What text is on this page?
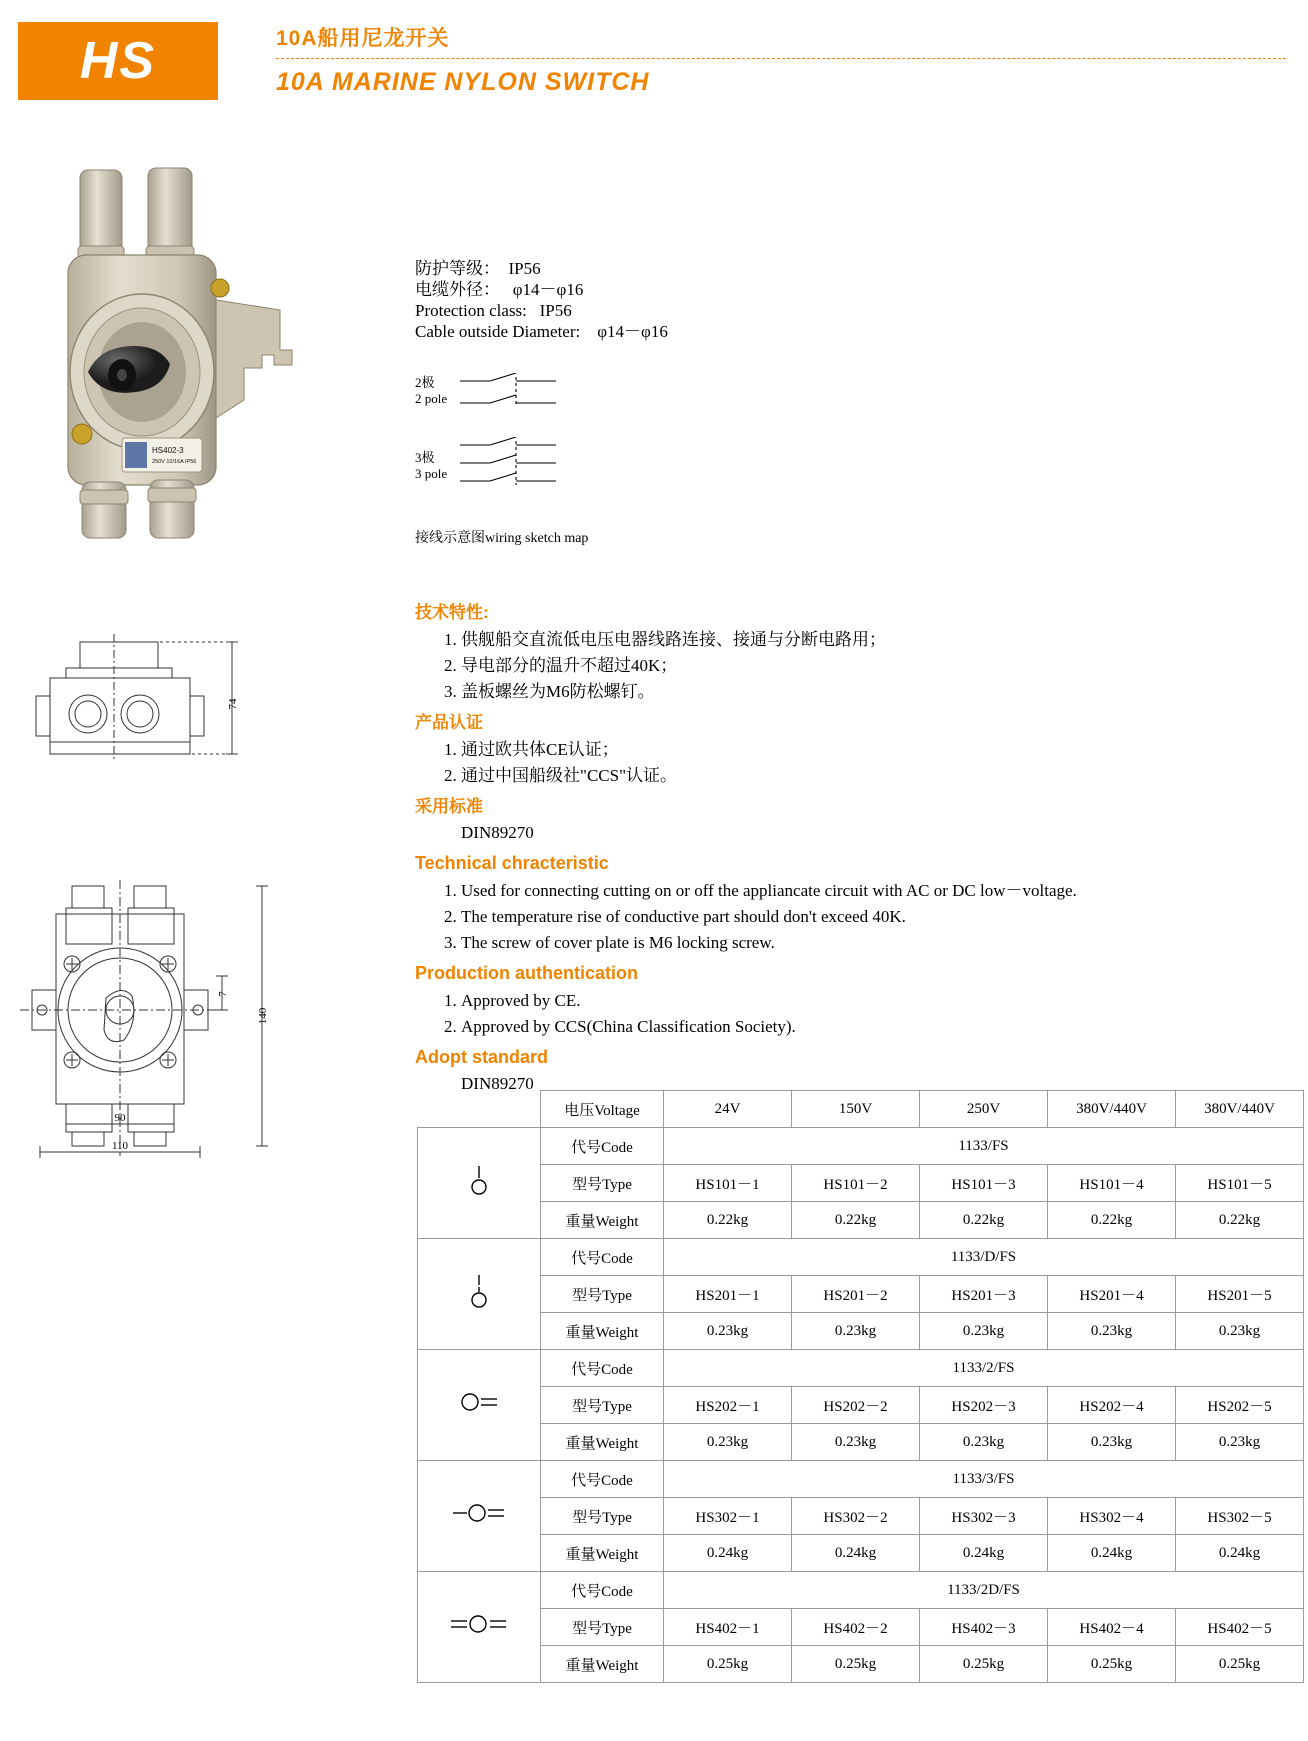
HS	10A船用尼龙开关
10A MARINE NYLON SWITCH
HS402-3
250V 10/16A IP56
防护等级：  IP56
电缆外径：   φ14－φ16
Protection class:   IP56
Cable outside Diameter:    φ14－φ16
2极
2 pole
3极
3 pole
接线示意图wiring sketch map
74
7
140
90
110
技术特性:
1. 供舰船交直流低电压电器线路连接、接通与分断电路用；
2. 导电部分的温升不超过40K；
3. 盖板螺丝为M6防松螺钉。
产品认证
1. 通过欧共体CE认证；
2. 通过中国船级社"CCS"认证。
采用标准
DIN89270
Technical chracteristic
1. Used for connecting cutting on or off the appliancate circuit with AC or DC low－voltage.
2. The temperature rise of conductive part should don't exceed 40K.
3. The screw of cover plate is M6 locking screw.
Production authentication
1. Approved by CE.
2. Approved by CCS(China Classification Society).
Adopt standard
DIN89270
	电压Voltage	24V	150V	250V	380V/440V	380V/440V
	代号Code	1133/FS				
	型号Type	HS101－1	HS101－2	HS101－3	HS101－4	HS101－5
	重量Weight	0.22kg	0.22kg	0.22kg	0.22kg	0.22kg
	代号Code	1133/D/FS				
	型号Type	HS201－1	HS201－2	HS201－3	HS201－4	HS201－5
	重量Weight	0.23kg	0.23kg	0.23kg	0.23kg	0.23kg
	代号Code	1133/2/FS				
	型号Type	HS202－1	HS202－2	HS202－3	HS202－4	HS202－5
	重量Weight	0.23kg	0.23kg	0.23kg	0.23kg	0.23kg
	代号Code	1133/3/FS				
	型号Type	HS302－1	HS302－2	HS302－3	HS302－4	HS302－5
	重量Weight	0.24kg	0.24kg	0.24kg	0.24kg	0.24kg
	代号Code	1133/2D/FS				
	型号Type	HS402－1	HS402－2	HS402－3	HS402－4	HS402－5
	重量Weight	0.25kg	0.25kg	0.25kg	0.25kg	0.25kg
